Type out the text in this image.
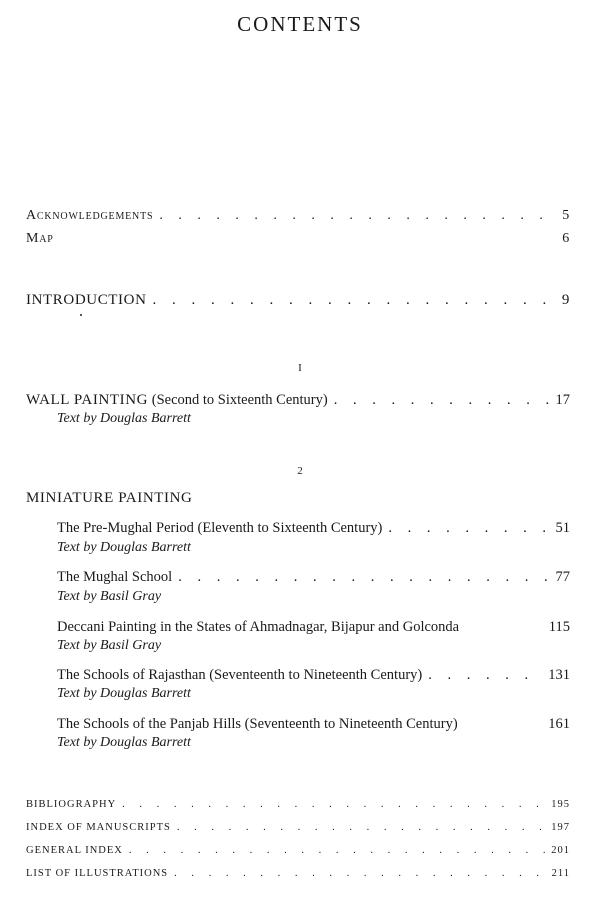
CONTENTS
Acknowledgements . . .	5
Map	6
INTRODUCTION . . .	9
I
WALL PAINTING (Second to Sixteenth Century) . . .	17
Text by Douglas Barrett
2
MINIATURE PAINTING
The Pre-Mughal Period (Eleventh to Sixteenth Century) . . .	51
Text by Douglas Barrett
The Mughal School . . .	77
Text by Basil Gray
Deccani Painting in the States of Ahmadnagar, Bijapur and Golconda	115
Text by Basil Gray
The Schools of Rajasthan (Seventeenth to Nineteenth Century) . . .	131
Text by Douglas Barrett
The Schools of the Panjab Hills (Seventeenth to Nineteenth Century)	161
Text by Douglas Barrett
BIBLIOGRAPHY . . .	195
INDEX OF MANUSCRIPTS . . .	197
GENERAL INDEX . . .	201
LIST OF ILLUSTRATIONS . . .	211
